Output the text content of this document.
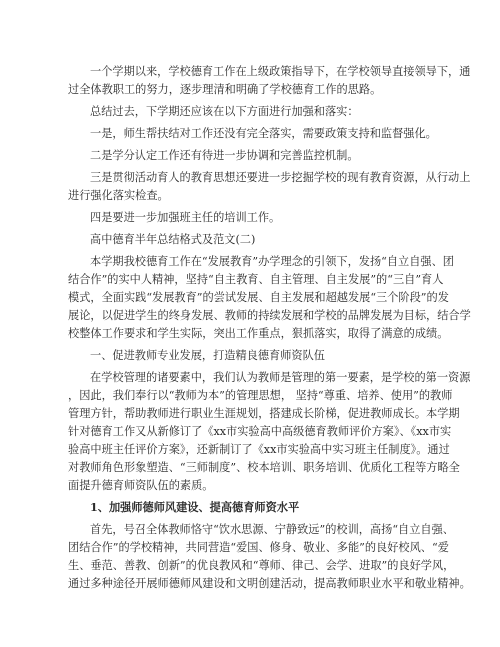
一个学期以来，学校德育工作在上级政策指导下，在学校领导直接领导下，通
过全体教职工的努力，逐步理清和明确了学校德育工作的思路。
总结过去，下学期还应该在以下方面进行加强和落实：
一是，师生帮扶结对工作还没有完全落实，需要政策支持和监督强化。
二是学分认定工作还有待进一步协调和完善监控机制。
三是贯彻活动育人的教育思想还要进一步挖掘学校的现有教育资源，从行动上
进行强化落实检查。
四是要进一步加强班主任的培训工作。
高中德育半年总结格式及范文(二)
本学期我校德育工作在“发展教育”办学理念的引领下，发扬“自立自强、团
结合作”的实中人精神，坚持“自主教育、自主管理、自主发展”的“三自”育人
模式，全面实践“发展教育”的尝试发展、自主发展和超越发展“三个阶段”的发
展论，以促进学生的终身发展、教师的持续发展和学校的品牌发展为目标，结合学
校整体工作要求和学生实际，突出工作重点，狠抓落实，取得了满意的成绩。
一、促进教师专业发展，打造精良德育师资队伍
在学校管理的诸要素中，我们认为教师是管理的第一要素，是学校的第一资源
，因此，我们奉行以“教师为本”的管理思想， 坚持“尊重、培养、使用”的教师
管理方针，帮助教师进行职业生涯规划，搭建成长阶梯，促进教师成长。本学期
针对德育工作又从新修订了《xx市实验高中高级德育教师评价方案》、《xx市实
验高中班主任评价方案》，还新制订了《xx市实验高中实习班主任制度》。通过
对教师角色形象塑造、“三师制度”、校本培训、职务培训、优质化工程等方略全
面提升德育师资队伍的素质。
1、加强师德师风建设、提高德育师资水平
首先，号召全体教师恪守“饮水思源、宁静致远”的校训，高扬“自立自强、
团结合作”的学校精神，共同营造“爱国、修身、敬业、多能”的良好校风、“爱
生、垂范、善教、创新”的优良教风和“尊师、律己、会学、进取”的良好学风，
通过多种途径开展师德师风建设和文明创建活动，提高教师职业水平和敬业精神。
